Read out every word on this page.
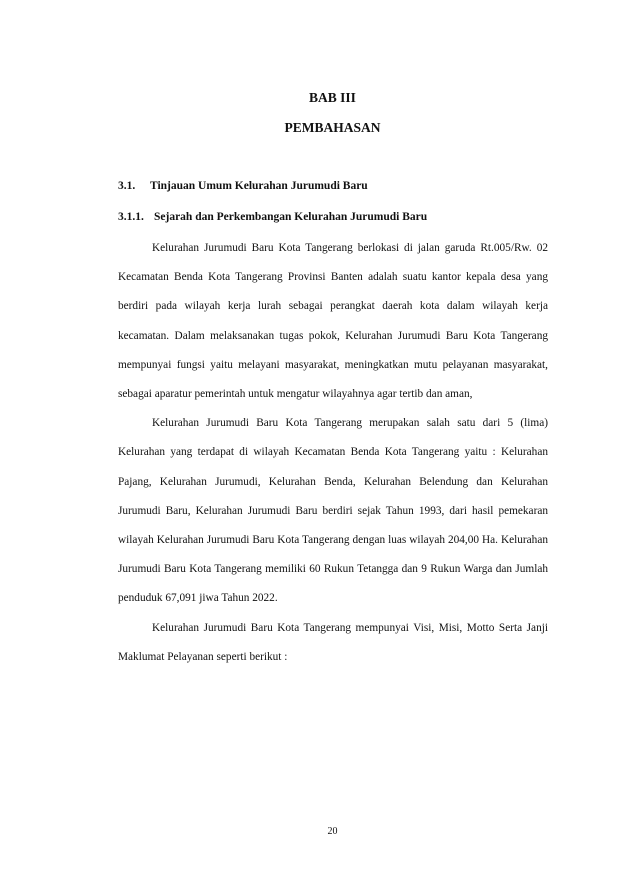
BAB III
PEMBAHASAN
3.1. Tinjauan Umum Kelurahan Jurumudi Baru
3.1.1. Sejarah dan Perkembangan Kelurahan Jurumudi Baru

Kelurahan Jurumudi Baru Kota Tangerang berlokasi di jalan garuda Rt.005/Rw. 02 Kecamatan Benda Kota Tangerang Provinsi Banten adalah suatu kantor kepala desa yang berdiri pada wilayah kerja lurah sebagai perangkat daerah kota dalam wilayah kerja kecamatan. Dalam melaksanakan tugas pokok, Kelurahan Jurumudi Baru Kota Tangerang mempunyai fungsi yaitu melayani masyarakat, meningkatkan mutu pelayanan masyarakat, sebagai aparatur pemerintah untuk mengatur wilayahnya agar tertib dan aman,

Kelurahan Jurumudi Baru Kota Tangerang merupakan salah satu dari 5 (lima) Kelurahan yang terdapat di wilayah Kecamatan Benda Kota Tangerang yaitu : Kelurahan Pajang, Kelurahan Jurumudi, Kelurahan Benda, Kelurahan Belendung dan Kelurahan Jurumudi Baru, Kelurahan Jurumudi Baru berdiri sejak Tahun 1993, dari hasil pemekaran wilayah Kelurahan Jurumudi Baru Kota Tangerang dengan luas wilayah 204,00 Ha. Kelurahan Jurumudi Baru Kota Tangerang memiliki 60 Rukun Tetangga dan 9 Rukun Warga dan Jumlah penduduk 67,091 jiwa Tahun 2022.

Kelurahan Jurumudi Baru Kota Tangerang mempunyai Visi, Misi, Motto Serta Janji Maklumat Pelayanan seperti berikut :

20
